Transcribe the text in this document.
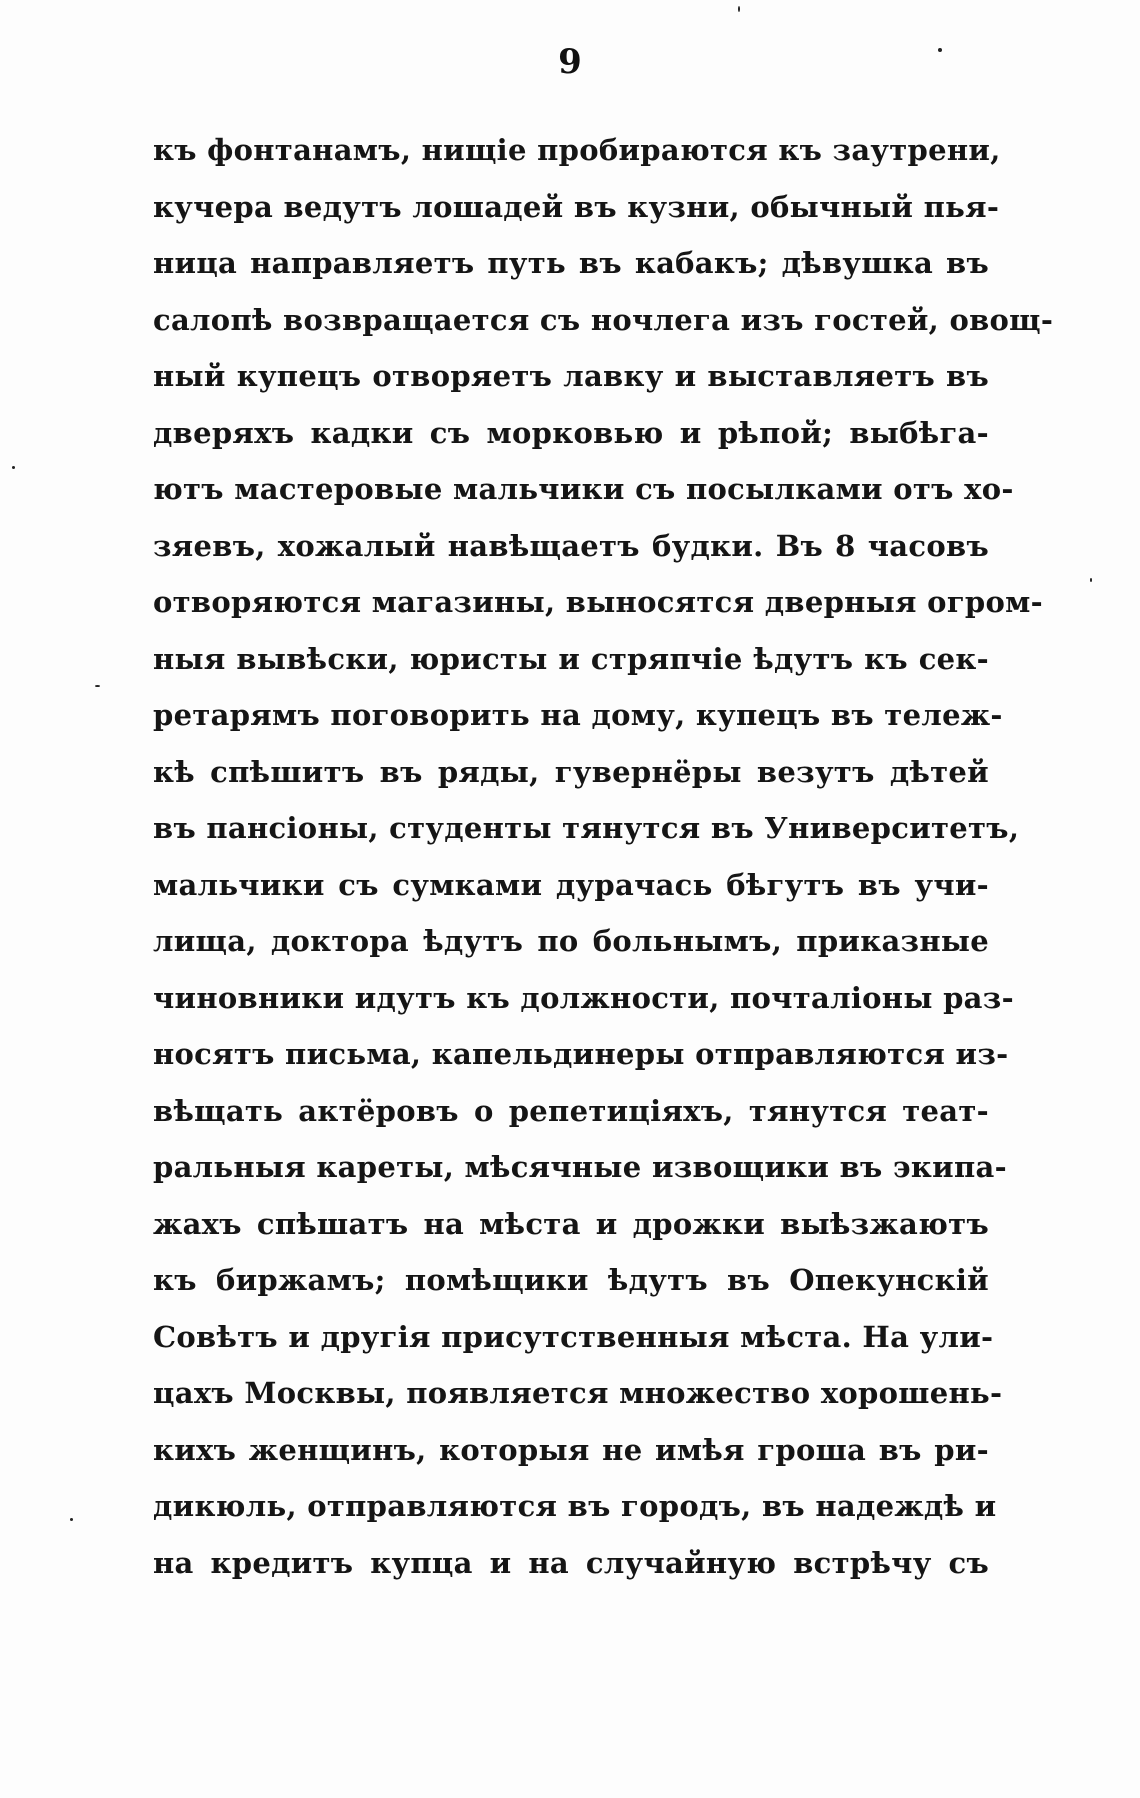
9
къ фонтанамъ, нищіе пробираются къ заутрени,
кучера ведутъ лошадей въ кузни, обычный пья-
ница направляетъ путь въ кабакъ; дѣвушка въ
салопѣ возвращается съ ночлега изъ гостей, овощ-
ный купецъ отворяетъ лавку и выставляетъ въ
дверяхъ кадки съ морковью и рѣпой; выбѣга-
ютъ мастеровые мальчики съ посылками отъ хо-
зяевъ, хожалый навѣщаетъ будки. Въ 8 часовъ
отворяются магазины, выносятся дверныя огром-
ныя вывѣски, юристы и стряпчіе ѣдутъ къ сек-
ретарямъ поговорить на дому, купецъ въ тележ-
кѣ спѣшитъ въ ряды, гувернёры везутъ дѣтей
въ пансіоны, студенты тянутся въ Университетъ,
мальчики съ сумками дурачась бѣгутъ въ учи-
лища, доктора ѣдутъ по больнымъ, приказные
чиновники идутъ къ должности, почталіоны раз-
носятъ письма, капельдинеры отправляются из-
вѣщать актёровъ о репетиціяхъ, тянутся теат-
ральныя кареты, мѣсячные извощики въ экипа-
жахъ спѣшатъ на мѣста и дрожки выѣзжаютъ
къ биржамъ; помѣщики ѣдутъ въ Опекунскій
Совѣтъ и другія присутственныя мѣста. На ули-
цахъ Москвы, появляется множество хорошень-
кихъ женщинъ, которыя не имѣя гроша въ ри-
дикюль, отправляются въ городъ, въ надеждѣ и
на кредитъ купца и на случайную встрѣчу съ
